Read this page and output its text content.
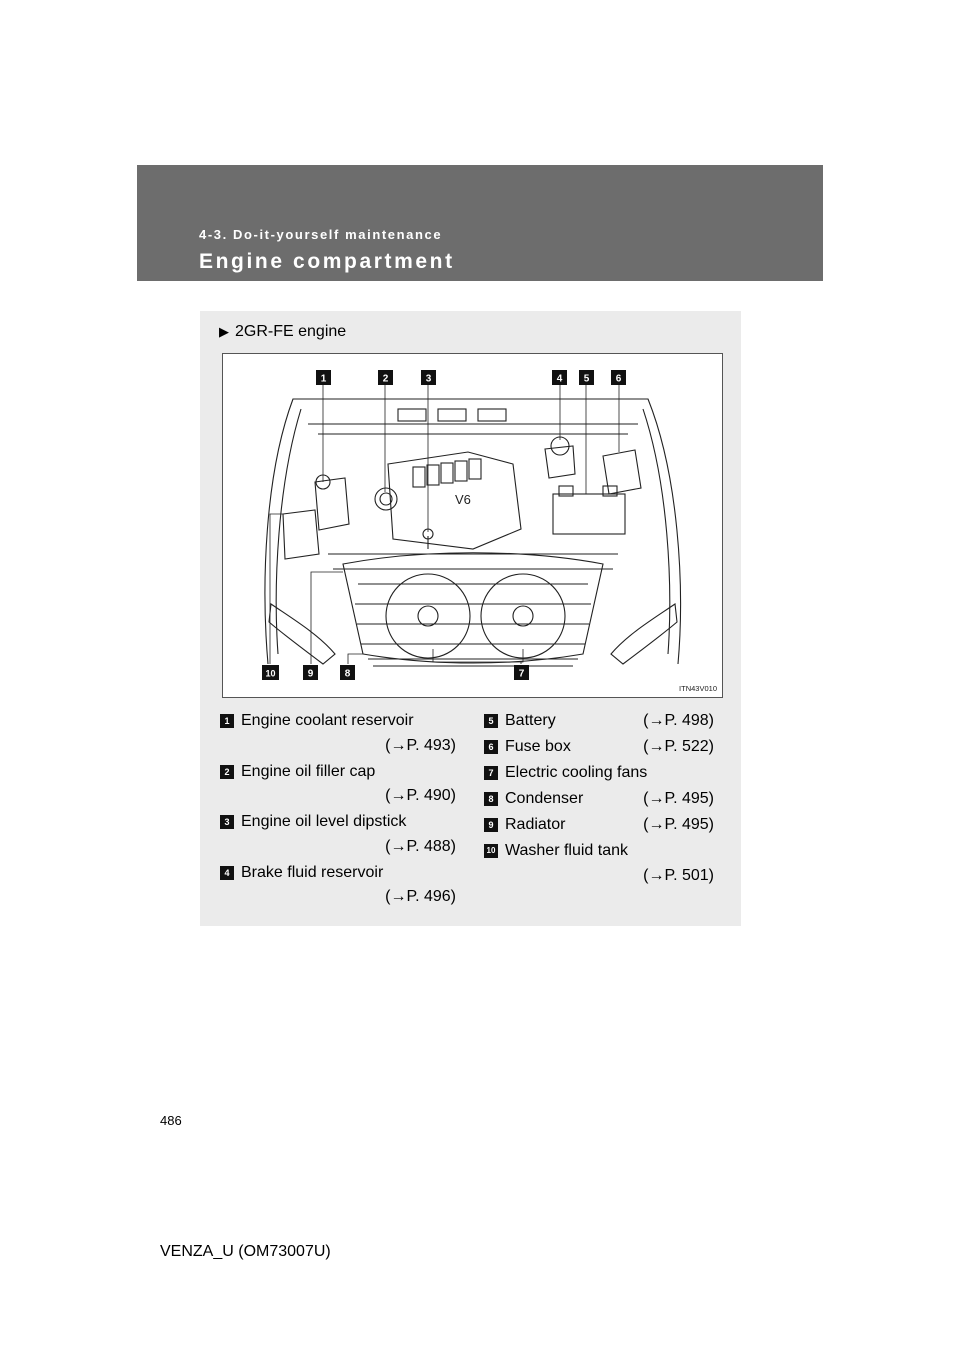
4-3. Do-it-yourself maintenance
Engine compartment
▶ 2GR-FE engine
V6
1	2	3	4 5	6
10	9	8	7
ITN43V010
1 Engine coolant reservoir
(→P. 493)
2 Engine oil filler cap
(→P. 490)
3 Engine oil level dipstick
(→P. 488)
4 Brake fluid reservoir
(→P. 496)
5 Battery	(→P. 498)
6 Fuse box	(→P. 522)
7 Electric cooling fans
8 Condenser	(→P. 495)
9 Radiator	(→P. 495)
10 Washer fluid tank
(→P. 501)
486
VENZA_U (OM73007U)
